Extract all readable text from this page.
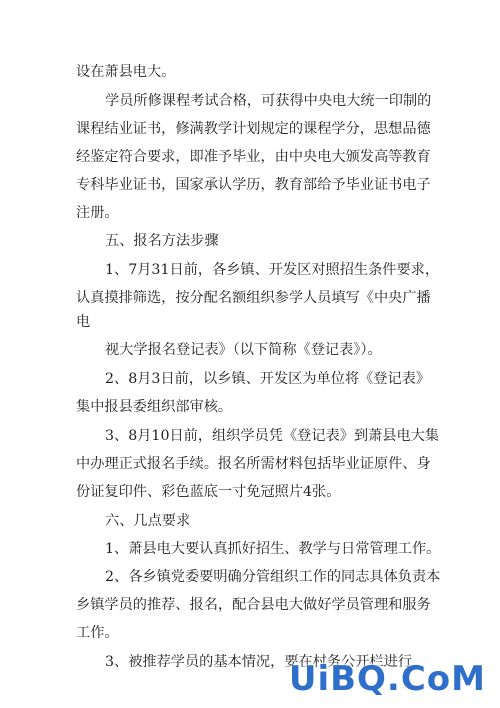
设在萧县电大。
学员所修课程考试合格，可获得中央电大统一印制的
课程结业证书，修满教学计划规定的课程学分，思想品德
经鉴定符合要求，即准予毕业，由中央电大颁发高等教育
专科毕业证书，国家承认学历，教育部给予毕业证书电子
注册。
五、报名方法步骤
1、7月31日前，各乡镇、开发区对照招生条件要求，
认真摸排筛选，按分配名额组织参学人员填写《中央广播
电
视大学报名登记表》（以下简称《登记表》）。
2、8月3日前，以乡镇、开发区为单位将《登记表》
集中报县委组织部审核。
3、8月10日前，组织学员凭《登记表》到萧县电大集
中办理正式报名手续。报名所需材料包括毕业证原件、身
份证复印件、彩色蓝底一寸免冠照片4张。
六、几点要求
1、萧县电大要认真抓好招生、教学与日常管理工作。
2、各乡镇党委要明确分管组织工作的同志具体负责本
乡镇学员的推荐、报名，配合县电大做好学员管理和服务
工作。
3、被推荐学员的基本情况，要在村务公开栏进行
UiBQ.CoM
